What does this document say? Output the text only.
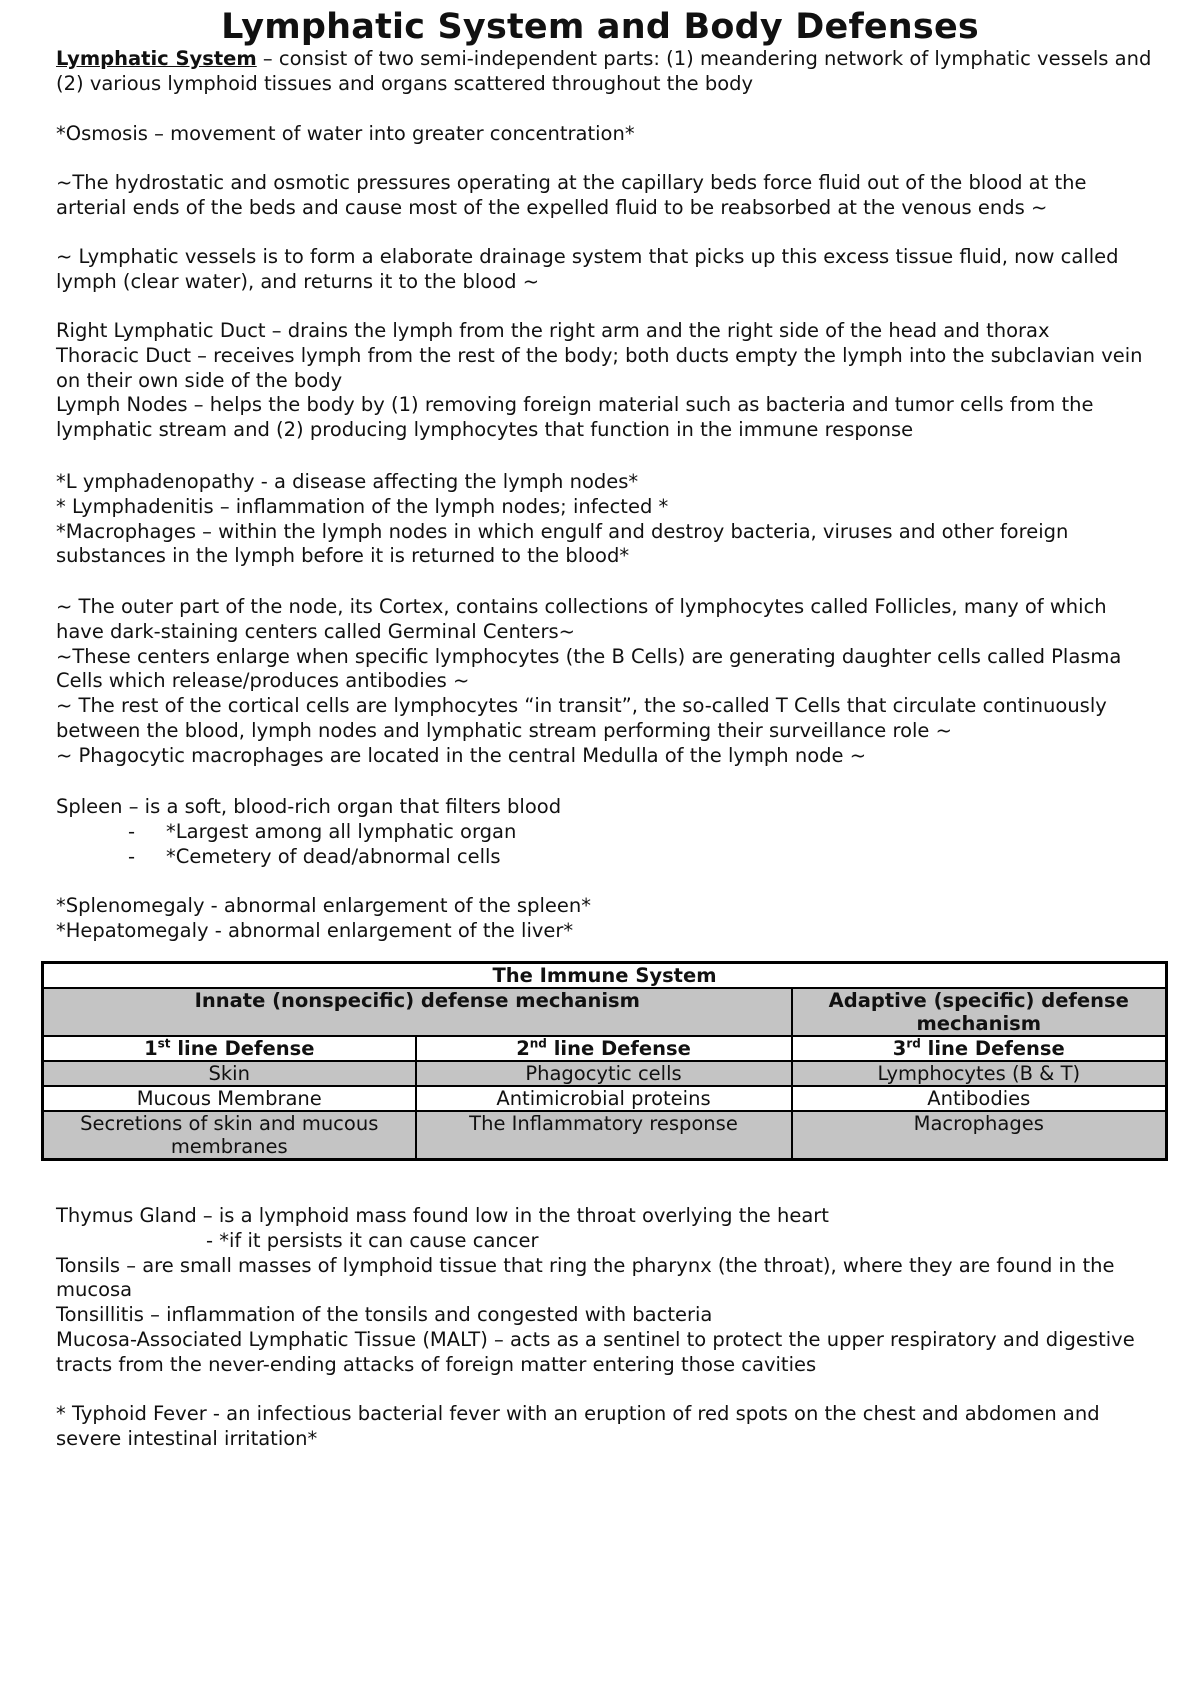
Lymphatic System and Body Defenses

Lymphatic System – consist of two semi-independent parts: (1) meandering network of lymphatic vessels and (2) various lymphoid tissues and organs scattered throughout the body

*Osmosis – movement of water into greater concentration*

~The hydrostatic and osmotic pressures operating at the capillary beds force fluid out of the blood at the arterial ends of the beds and cause most of the expelled fluid to be reabsorbed at the venous ends ~

~ Lymphatic vessels is to form a elaborate drainage system that picks up this excess tissue fluid, now called lymph (clear water), and returns it to the blood ~

Right Lymphatic Duct – drains the lymph from the right arm and the right side of the head and thorax

Thoracic Duct – receives lymph from the rest of the body; both ducts empty the lymph into the subclavian vein on their own side of the body

Lymph Nodes – helps the body by (1) removing foreign material such as bacteria and tumor cells from the lymphatic stream and (2) producing lymphocytes that function in the immune response

*L ymphadenopathy - a disease affecting the lymph nodes*

* Lymphadenitis – inflammation of the lymph nodes; infected *

*Macrophages – within the lymph nodes in which engulf and destroy bacteria, viruses and other foreign substances in the lymph before it is returned to the blood*

~ The outer part of the node, its Cortex, contains collections of lymphocytes called Follicles, many of which have dark-staining centers called Germinal Centers~

~These centers enlarge when specific lymphocytes (the B Cells) are generating daughter cells called Plasma Cells which release/produces antibodies ~

~ The rest of the cortical cells are lymphocytes “in transit”, the so-called T Cells that circulate continuously between the blood, lymph nodes and lymphatic stream performing their surveillance role ~

~ Phagocytic macrophages are located in the central Medulla of the lymph node ~

Spleen – is a soft, blood-rich organ that filters blood

- *Largest among all lymphatic organ

- *Cemetery of dead/abnormal cells

*Splenomegaly - abnormal enlargement of the spleen*

*Hepatomegaly - abnormal enlargement of the liver*

The Immune System		
Innate (nonspecific) defense mechanism		Adaptive (specific) defense mechanism
1st line Defense	2nd line Defense	3rd line Defense
Skin	Phagocytic cells	Lymphocytes (B & T)
Mucous Membrane	Antimicrobial proteins	Antibodies
Secretions of skin and mucous membranes	The Inflammatory response	Macrophages

Thymus Gland – is a lymphoid mass found low in the throat overlying the heart

- *if it persists it can cause cancer

Tonsils – are small masses of lymphoid tissue that ring the pharynx (the throat), where they are found in the mucosa

Tonsillitis – inflammation of the tonsils and congested with bacteria

Mucosa-Associated Lymphatic Tissue (MALT) – acts as a sentinel to protect the upper respiratory and digestive tracts from the never-ending attacks of foreign matter entering those cavities

* Typhoid Fever - an infectious bacterial fever with an eruption of red spots on the chest and abdomen and severe intestinal irritation*
